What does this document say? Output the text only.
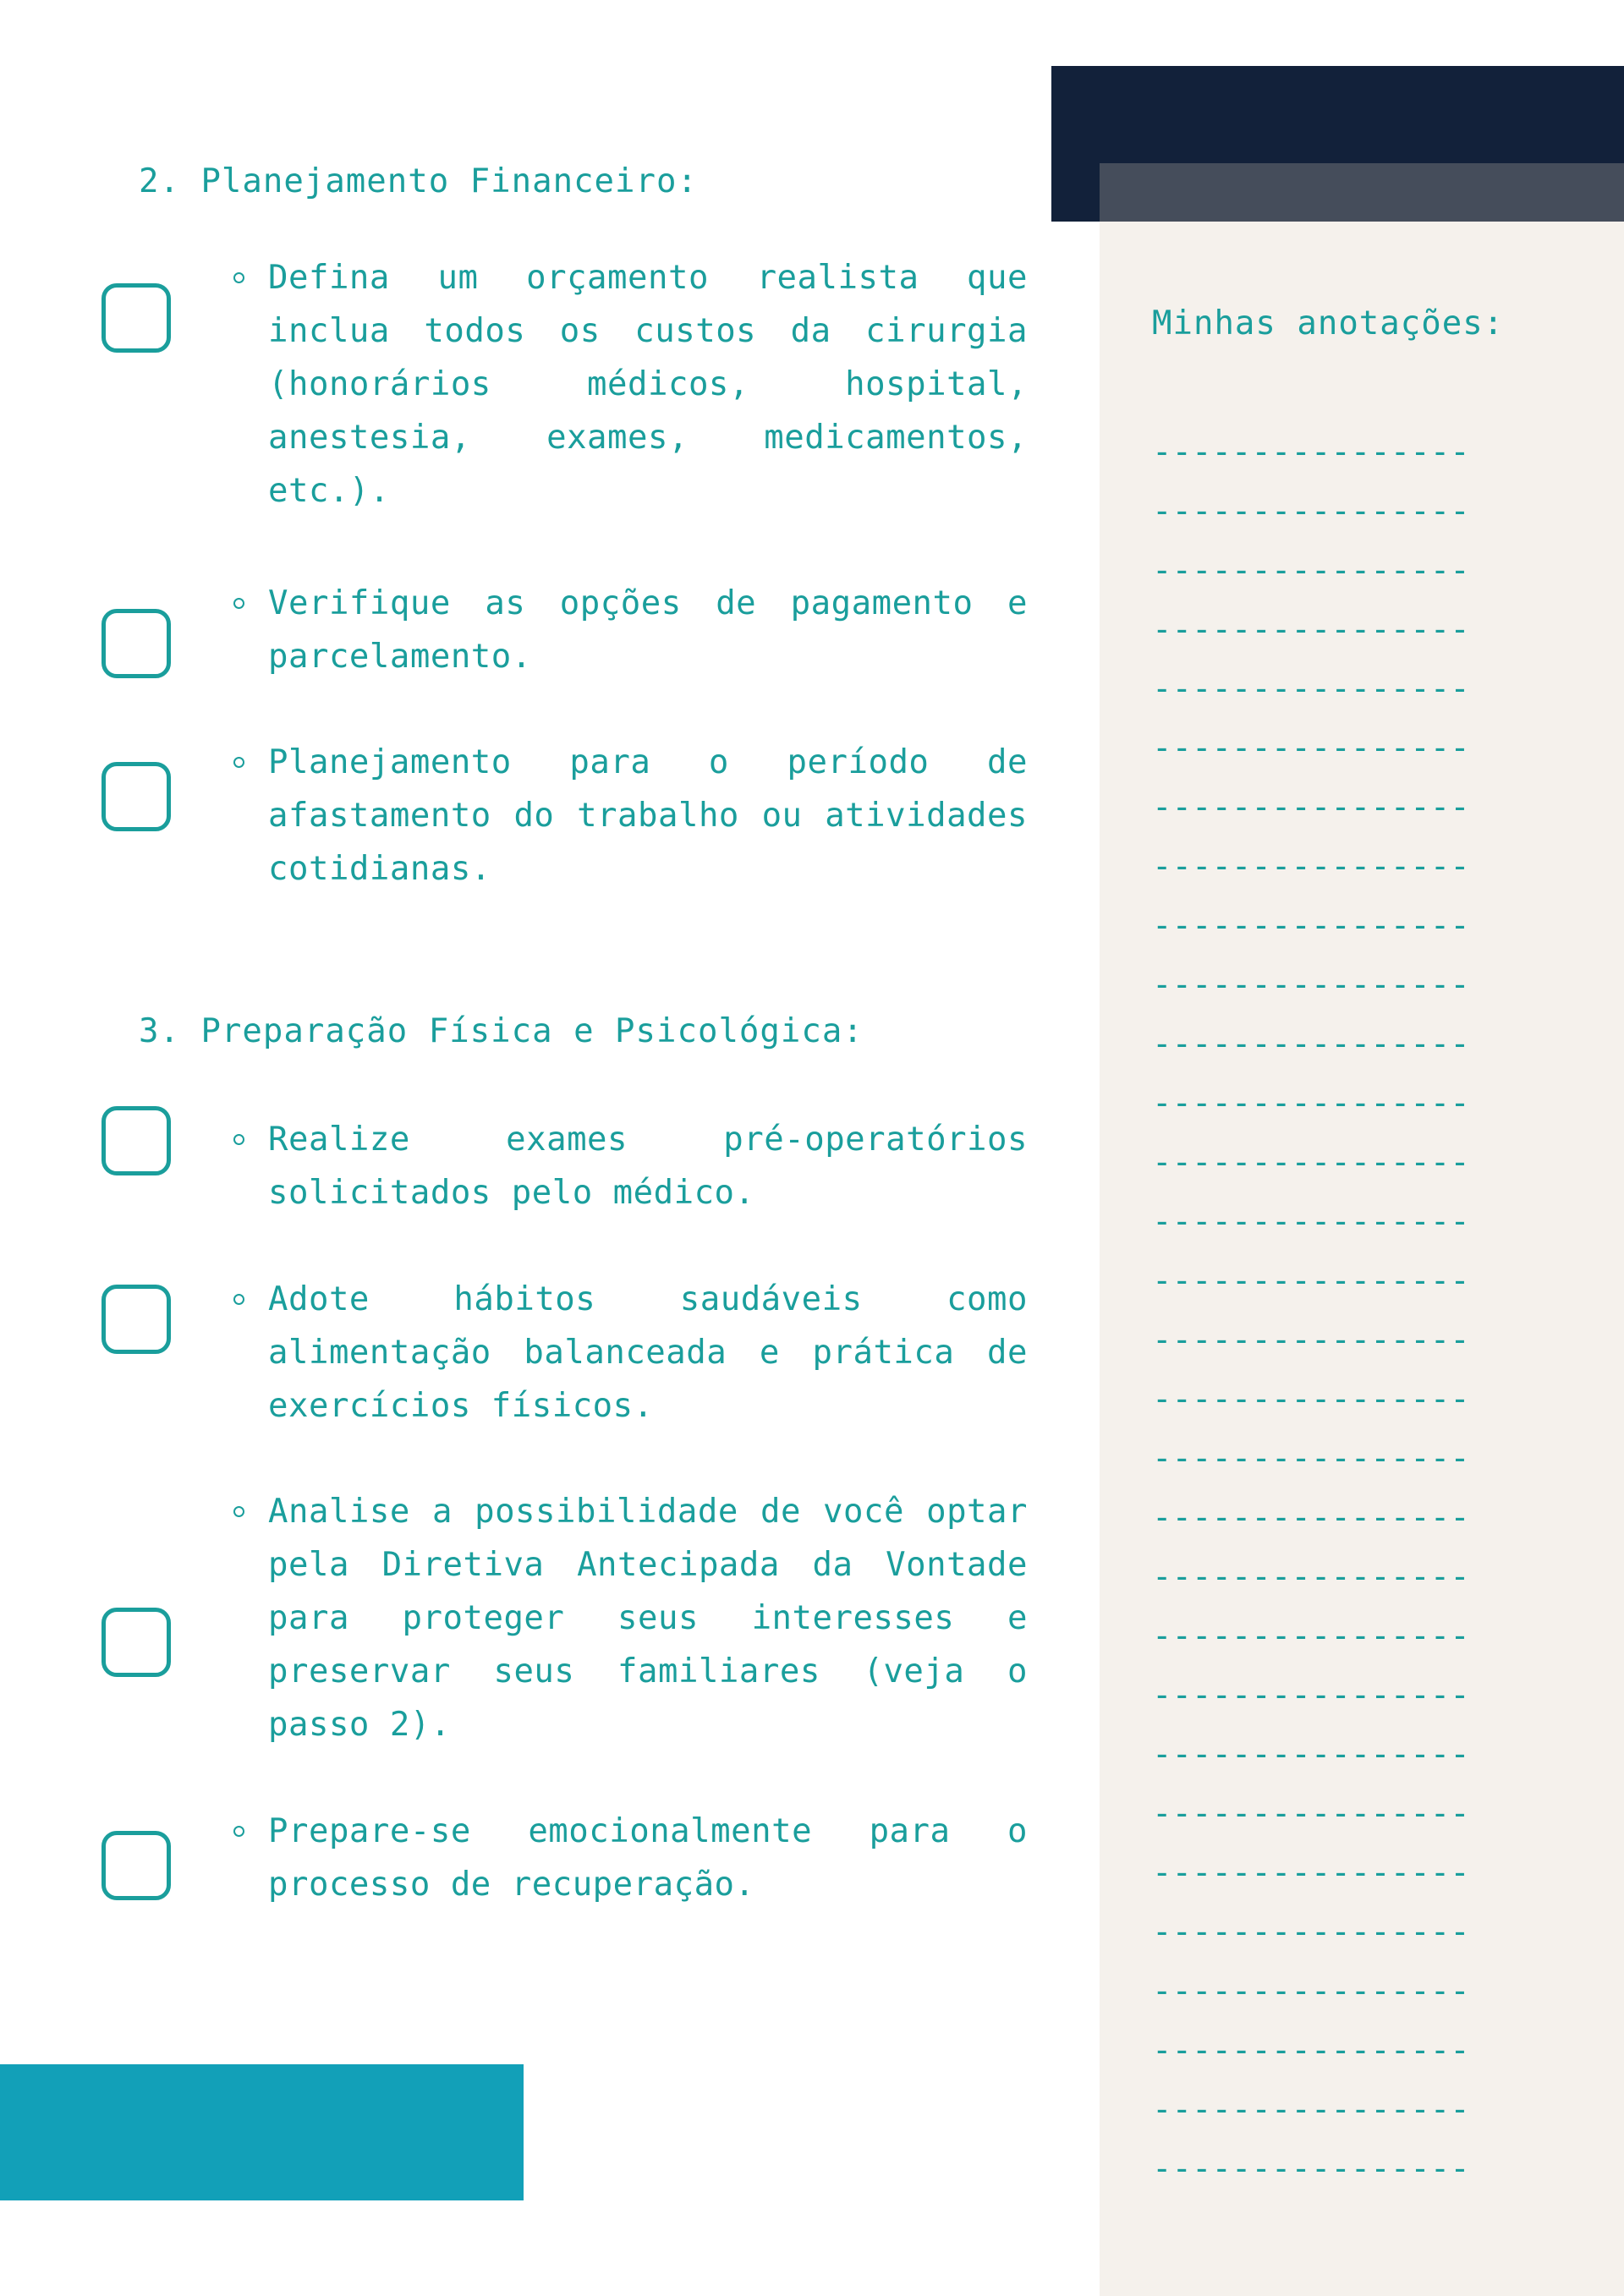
2. Planejamento Financeiro:

Defina um orçamento realista que inclua todos os custos da cirurgia (honorários médicos, hospital, anestesia, exames, medicamentos, etc.).

Verifique as opções de pagamento e parcelamento.

Planejamento para o período de afastamento do trabalho ou atividades cotidianas.

3. Preparação Física e Psicológica:

Realize exames pré-operatórios solicitados pelo médico.

Adote hábitos saudáveis como alimentação balanceada e prática de exercícios físicos.

Analise a possibilidade de você optar pela Diretiva Antecipada da Vontade para proteger seus interesses e preservar seus familiares (veja o passo 2).

Prepare-se emocionalmente para o processo de recuperação.

Minhas anotações:
----------------
----------------
----------------
----------------
----------------
----------------
----------------
----------------
----------------
----------------
----------------
----------------
----------------
----------------
----------------
----------------
----------------
----------------
----------------
----------------
----------------
----------------
----------------
----------------
----------------
----------------
----------------
----------------
----------------
----------------
